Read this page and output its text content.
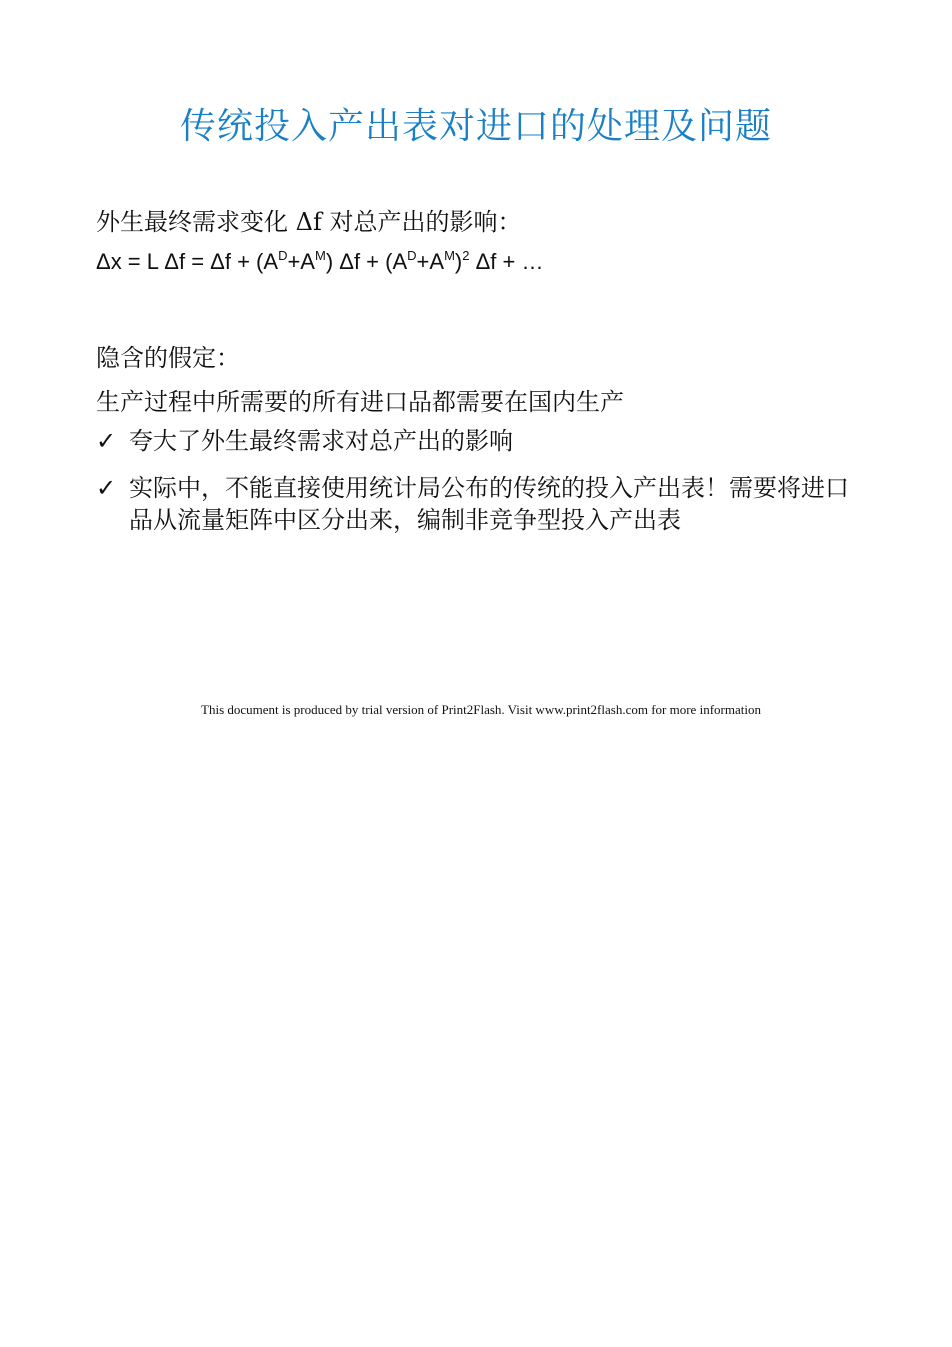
传统投入产出表对进口的处理及问题
外生最终需求变化 Δf 对总产出的影响：
Δx = L $\Delta f = \Delta f + (A^D+A^M) \Delta f + (A^D+A^M)^2$ Δf + …
隐含的假定：
生产过程中所需要的所有进口品都需要在国内生产
✓ 夸大了外生最终需求对总产出的影响
✓ 实际中，不能直接使用统计局公布的传统的投入产出表！需要将进口品从流量矩阵中区分出来，编制非竞争型投入产出表
This document is produced by trial version of Print2Flash. Visit www.print2flash.com for more information
